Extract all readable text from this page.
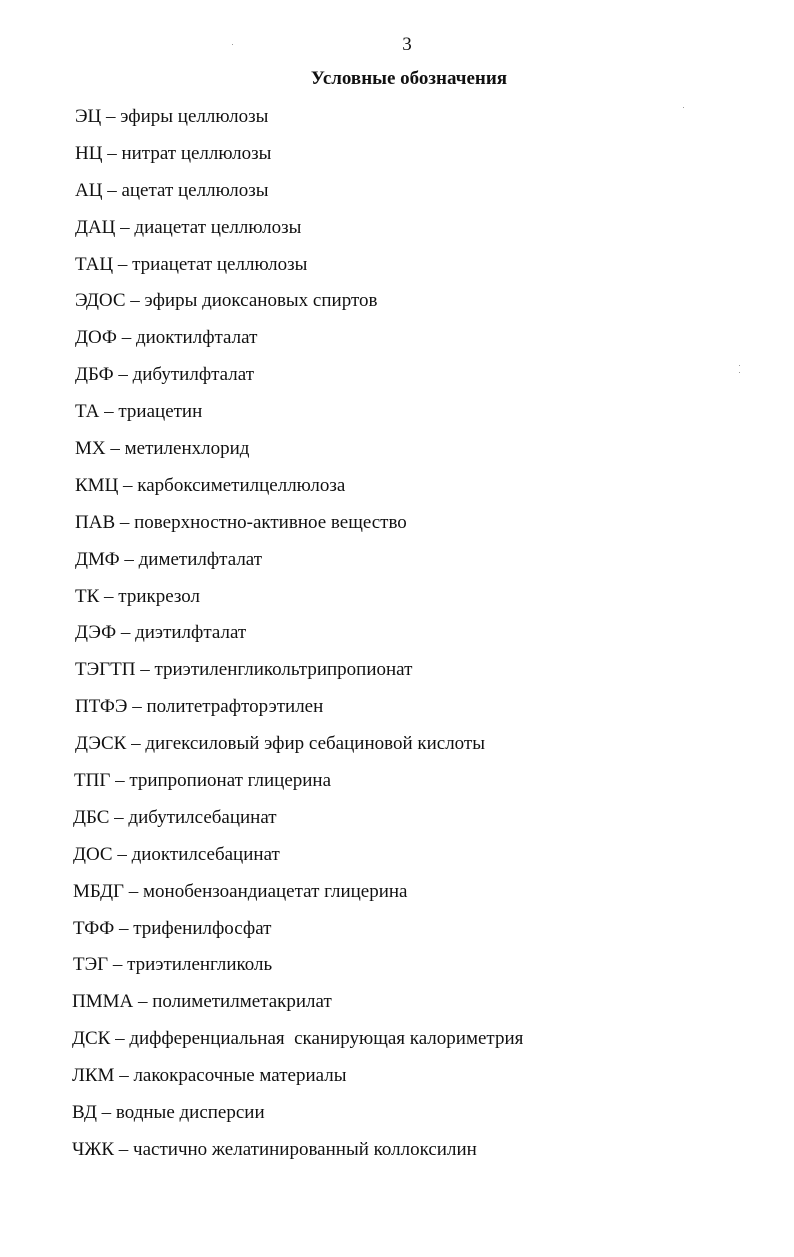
3
Условные обозначения
ЭЦ – эфиры целлюлозы
НЦ – нитрат целлюлозы
АЦ – ацетат целлюлозы
ДАЦ – диацетат целлюлозы
ТАЦ – триацетат целлюлозы
ЭДОС – эфиры диоксановых спиртов
ДОФ – диоктилфталат
ДБФ – дибутилфталат
ТА – триацетин
МХ – метиленхлорид
КМЦ – карбоксиметилцеллюлоза
ПАВ – поверхностно-активное вещество
ДМФ – диметилфталат
ТК – трикрезол
ДЭФ – диэтилфталат
ТЭГТП – триэтиленгликольтрипропионат
ПТФЭ – политетрафторэтилен
ДЭСК – дигексиловый эфир себациновой кислоты
ТПГ – трипропионат глицерина
ДБС – дибутилсебацинат
ДОС – диоктилсебацинат
МБДГ – монобензоандиацетат глицерина
ТФФ – трифенилфосфат
ТЭГ – триэтиленгликоль
ПММА – полиметилметакрилат
ДСК – дифференциальная  сканирующая калориметрия
ЛКМ – лакокрасочные материалы
ВД – водные дисперсии
ЧЖК – частично желатинированный коллоксилин
